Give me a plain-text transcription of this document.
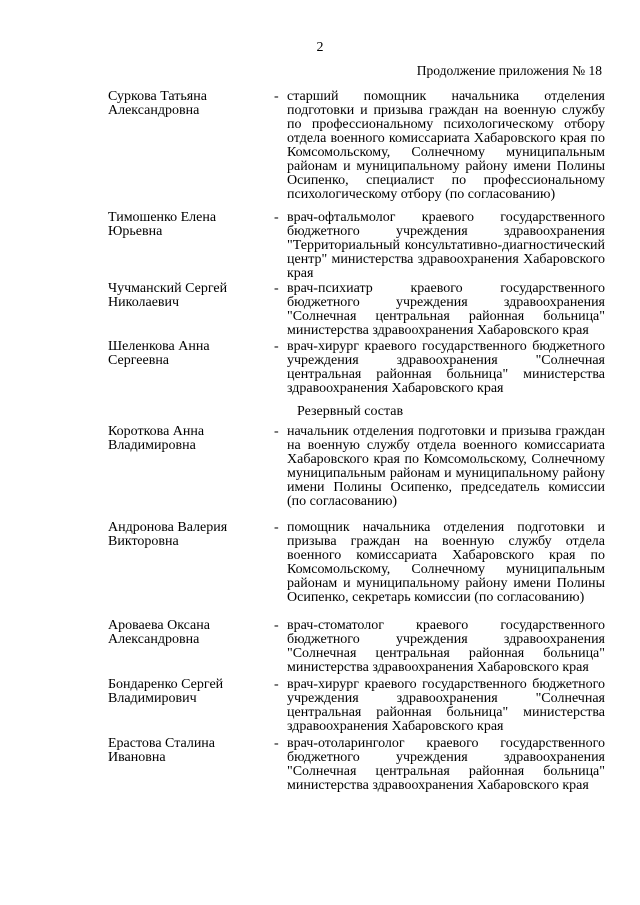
2
Продолжение приложения № 18
Суркова Татьяна
Александровна
- старший помощник начальника отделения подготовки и призыва граждан на военную службу по профессиональному психологическому отбору отдела военного комиссариата Хабаровского края по Комсомольскому, Солнечному муниципальным районам и муниципальному району имени Полины Осипенко, специалист по профессиональному психологическому отбору (по согласованию)
Тимошенко Елена
Юрьевна
- врач-офтальмолог краевого государственного бюджетного учреждения здравоохранения "Территориальный консультативно-диагностический центр" министерства здравоохранения Хабаровского края
Чучманский Сергей
Николаевич
- врач-психиатр краевого государственного бюджетного учреждения здравоохранения "Солнечная центральная районная больница" министерства здравоохранения Хабаровского края
Шеленкова Анна
Сергеевна
- врач-хирург краевого государственного бюджетного учреждения здравоохранения "Солнечная центральная районная больница" министерства здравоохранения Хабаровского края
Резервный состав
Короткова Анна
Владимировна
- начальник отделения подготовки и призыва граждан на военную службу отдела военного комиссариата Хабаровского края по Комсомольскому, Солнечному муниципальным районам и муниципальному району имени Полины Осипенко, председатель комиссии (по согласованию)
Андронова Валерия
Викторовна
- помощник начальника отделения подготовки и призыва граждан на военную службу отдела военного комиссариата Хабаровского края по Комсомольскому, Солнечному муниципальным районам и муниципальному району имени Полины Осипенко, секретарь комиссии (по согласованию)
Ароваева Оксана
Александровна
- врач-стоматолог краевого государственного бюджетного учреждения здравоохранения "Солнечная центральная районная больница" министерства здравоохранения Хабаровского края
Бондаренко Сергей
Владимирович
- врач-хирург краевого государственного бюджетного учреждения здравоохранения "Солнечная центральная районная больница" министерства здравоохранения Хабаровского края
Ерастова Сталина
Ивановна
- врач-отоларинголог краевого государственного бюджетного учреждения здравоохранения "Солнечная центральная районная больница" министерства здравоохранения Хабаровского края
